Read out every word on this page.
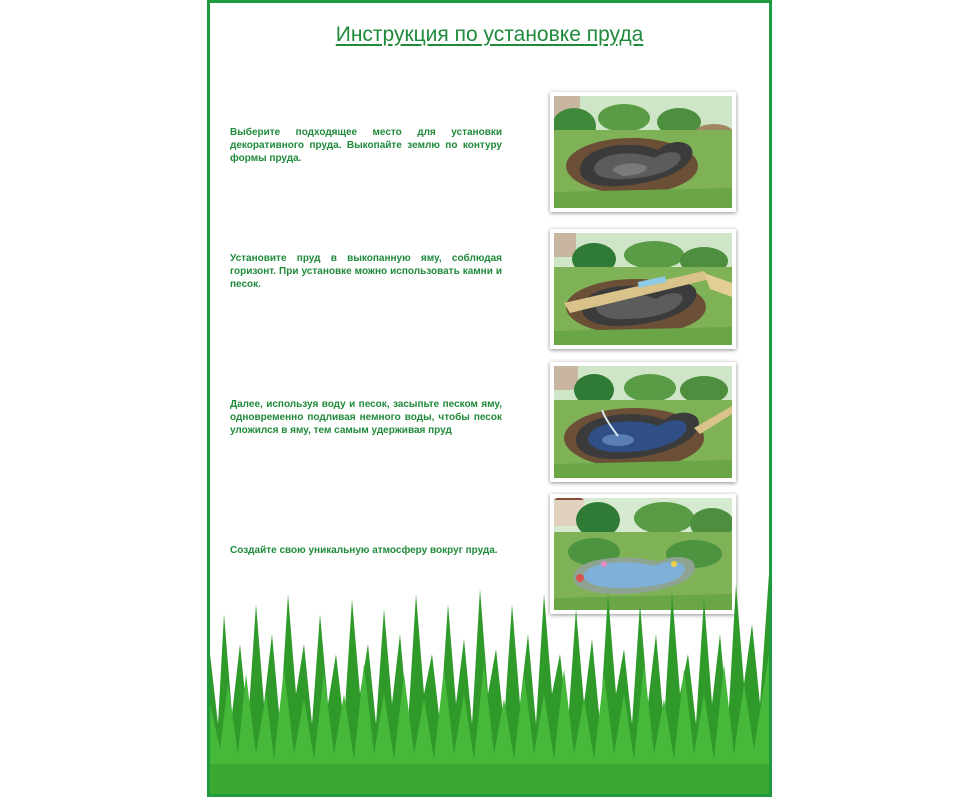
Инструкция по установке пруда
Выберите подходящее место для установки декоративного пруда. Выкопайте землю по контуру формы пруда.
Установите пруд в выкопанную яму, соблюдая горизонт. При установке можно использовать камни и песок.
Далее, используя воду и песок, засыпьте песком яму, одновременно подливая немного воды, чтобы песок уложился в яму, тем самым удерживая пруд
Создайте свою уникальную атмосферу вокруг пруда.
